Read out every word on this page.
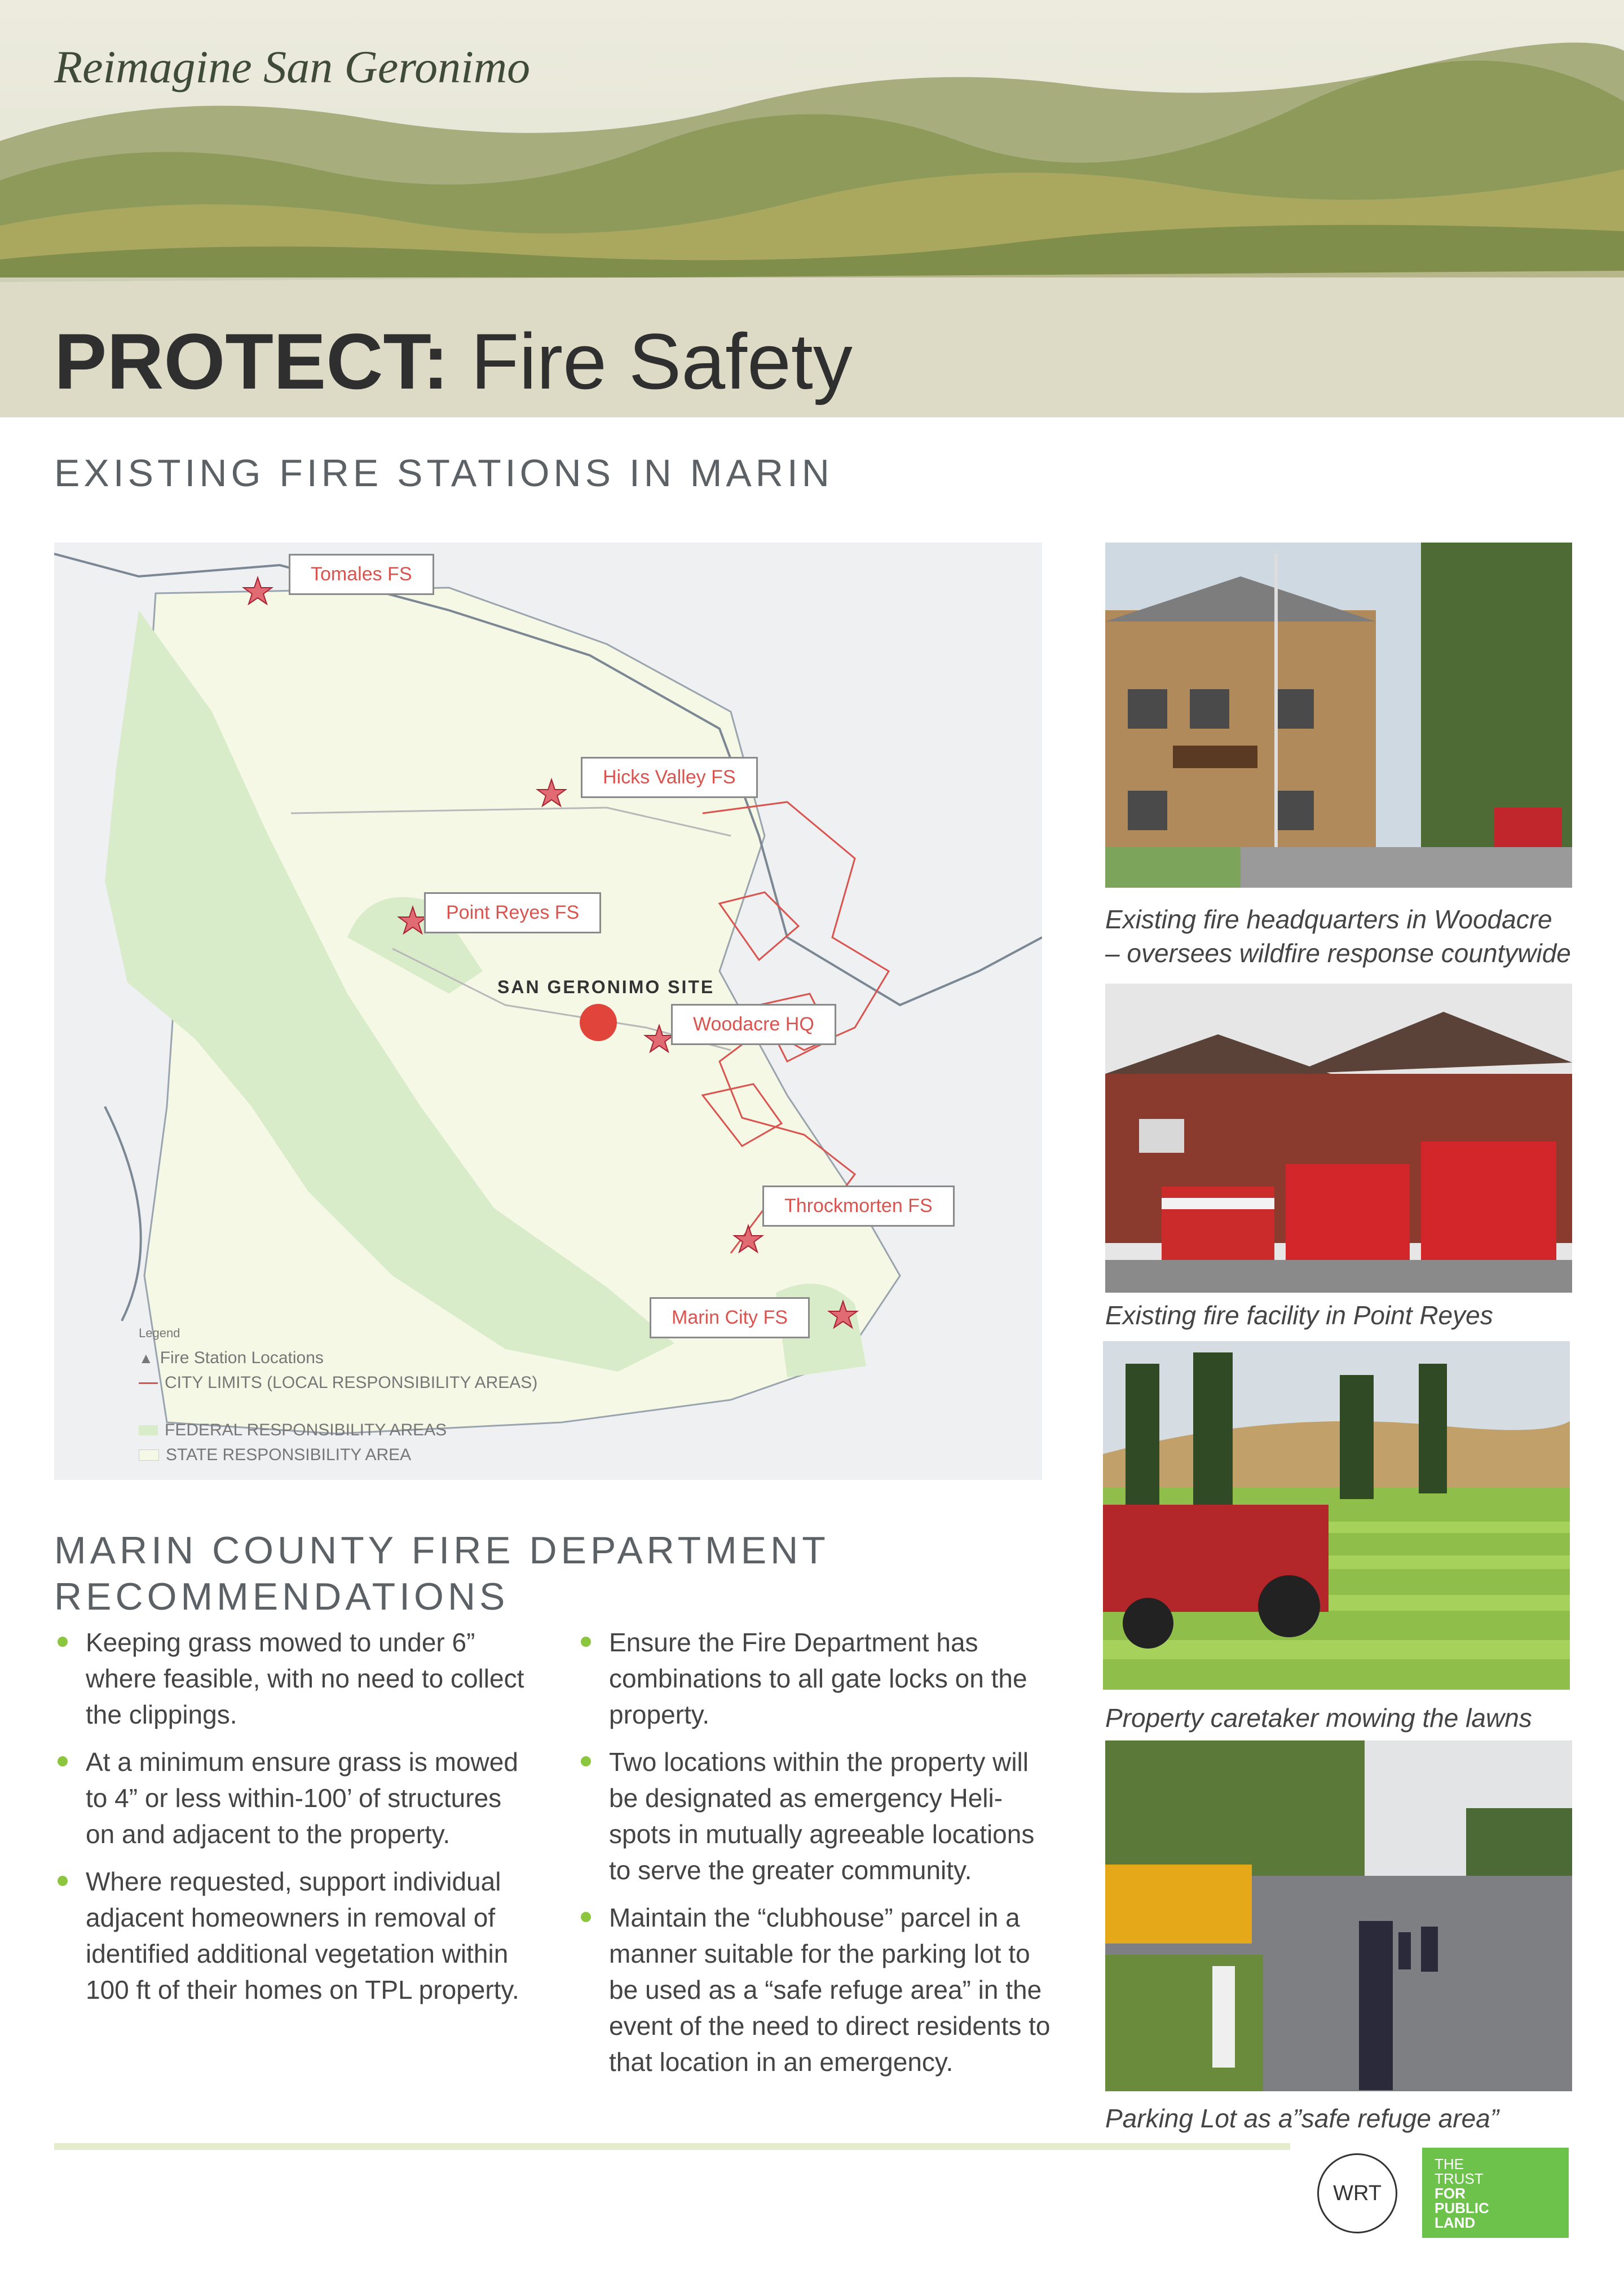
Reimagine San Geronimo
PROTECT: Fire Safety
EXISTING FIRE STATIONS IN MARIN
Tomales FS
Hicks Valley FS
Point Reyes FS
Woodacre HQ
Throckmorten FS
Marin City FS
SAN GERONIMO SITE
Legend
▲ Fire Station Locations
CITY LIMITS (LOCAL RESPONSIBILITY AREAS)
FEDERAL RESPONSIBILITY AREAS
STATE RESPONSIBILITY AREA
Existing fire headquarters in Woodacre
– oversees wildfire response countywide
Existing fire facility in Point Reyes
Property caretaker mowing the lawns
Parking Lot as a”safe refuge area”
MARIN COUNTY FIRE DEPARTMENT
RECOMMENDATIONS
Keeping grass mowed to under 6” where feasible, with no need to collect the clippings.
At a minimum ensure grass is mowed to 4” or less within-100’ of structures on and adjacent to the property.
Where requested, support individual adjacent homeowners in removal of identified additional vegetation within 100 ft of their homes on TPL property.
Ensure the Fire Department has combinations to all gate locks on the property.
Two locations within the property will be designated as emergency Heli-spots in mutually agreeable locations to serve the greater community.
Maintain the “clubhouse” parcel in a manner suitable for the parking lot to be used as a “safe refuge area” in the event of the need to direct residents to that location in an emergency.
WRT
THE
TRUST
FOR
PUBLIC
LAND
